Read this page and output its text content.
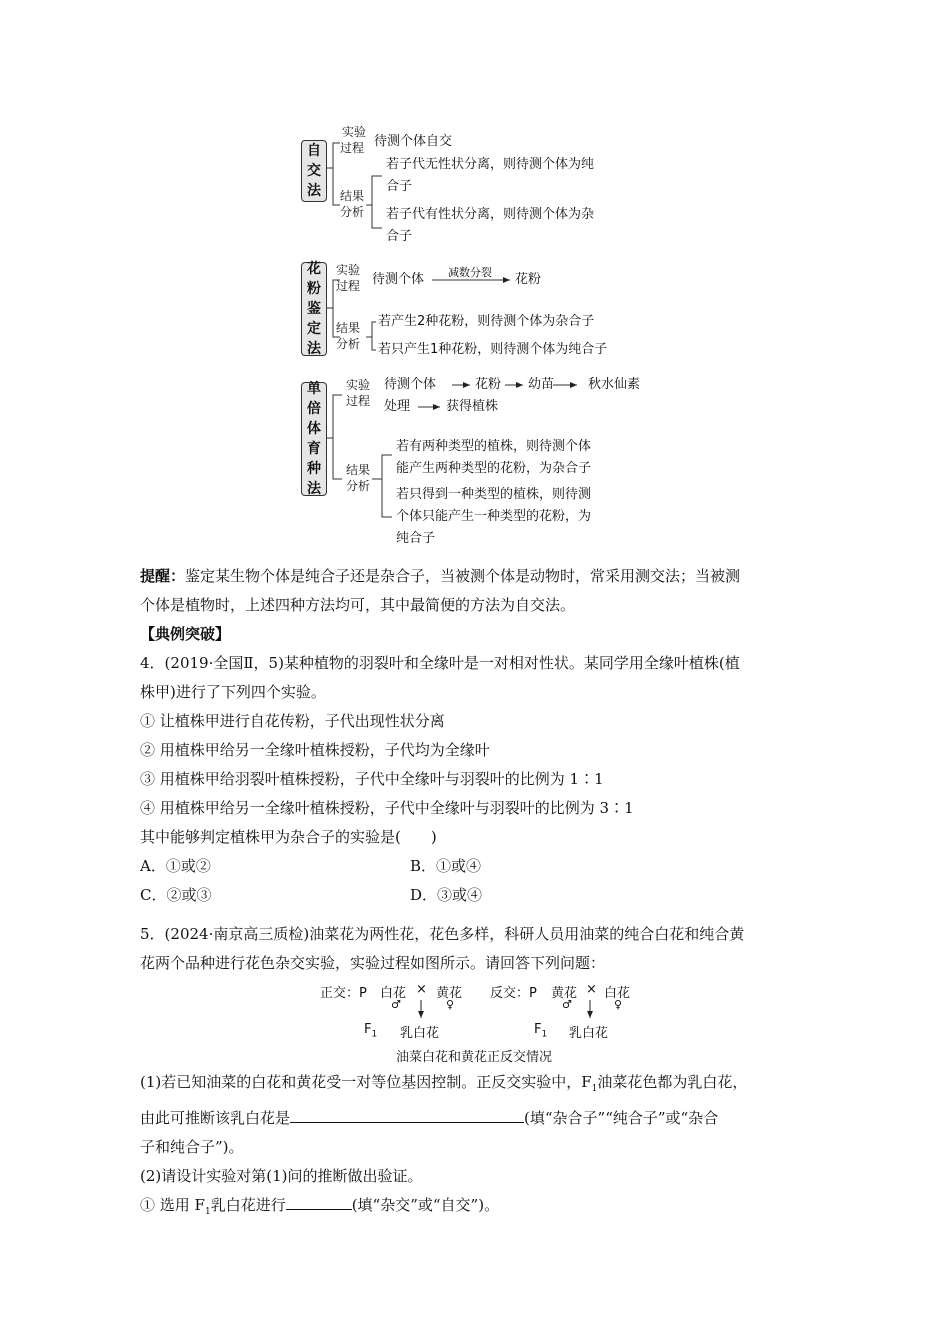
自
交
法
实验
过程 待测个体自交
结果
分析
若子代无性状分离，则待测个体为纯
合子
若子代有性状分离，则待测个体为杂
合子
花
粉
鉴
定
法
实验
过程 待测个体 减数分裂 花粉
结果
分析
若产生2种花粉，则待测个体为杂合子
若只产生1种花粉，则待测个体为纯合子
单
倍
体
育
种
法
实验
过程
待测个体	花粉 幼苗	秋水仙素
处理	获得植株
结果
分析
若有两种类型的植株，则待测个体
能产生两种类型的花粉，为杂合子
若只得到一种类型的植株，则待测
个体只能产生一种类型的花粉，为
纯合子
提醒：鉴定某生物个体是纯合子还是杂合子，当被测个体是动物时，常采用测交法；当被测
个体是植物时，上述四种方法均可，其中最简便的方法为自交法。
【典例突破】
4．(2019·全国Ⅱ，5)某种植物的羽裂叶和全缘叶是一对相对性状。某同学用全缘叶植株(植
株甲)进行了下列四个实验。
① 让植株甲进行自花传粉，子代出现性状分离
② 用植株甲给另一全缘叶植株授粉，子代均为全缘叶
③ 用植株甲给羽裂叶植株授粉，子代中全缘叶与羽裂叶的比例为 1∶1
④ 用植株甲给另一全缘叶植株授粉，子代中全缘叶与羽裂叶的比例为 3∶1
其中能够判定植株甲为杂合子的实验是(　　)
A．①或②	B．①或④
C．②或③	D．③或④
5．(2024·南京高三质检)油菜花为两性花，花色多样，科研人员用油菜的纯合白花和纯合黄
花两个品种进行花色杂交实验，实验过程如图所示。请回答下列问题：
正交：P 白花 × 黄花
♂	♀
$F_1$ 乳白花
反交：P 黄花 × 白花
♂	♀
$F_1$ 乳白花
油菜白花和黄花正反交情况
(1)若已知油菜的白花和黄花受一对等位基因控制。正反交实验中，$F_1$油菜花色都为乳白花，
由此可推断该乳白花是	(填“杂合子”“纯合子”或“杂合
子和纯合子”)。
(2)请设计实验对第(1)问的推断做出验证。
① 选用 $F_1$乳白花进行	(填“杂交”或“自交”)。
